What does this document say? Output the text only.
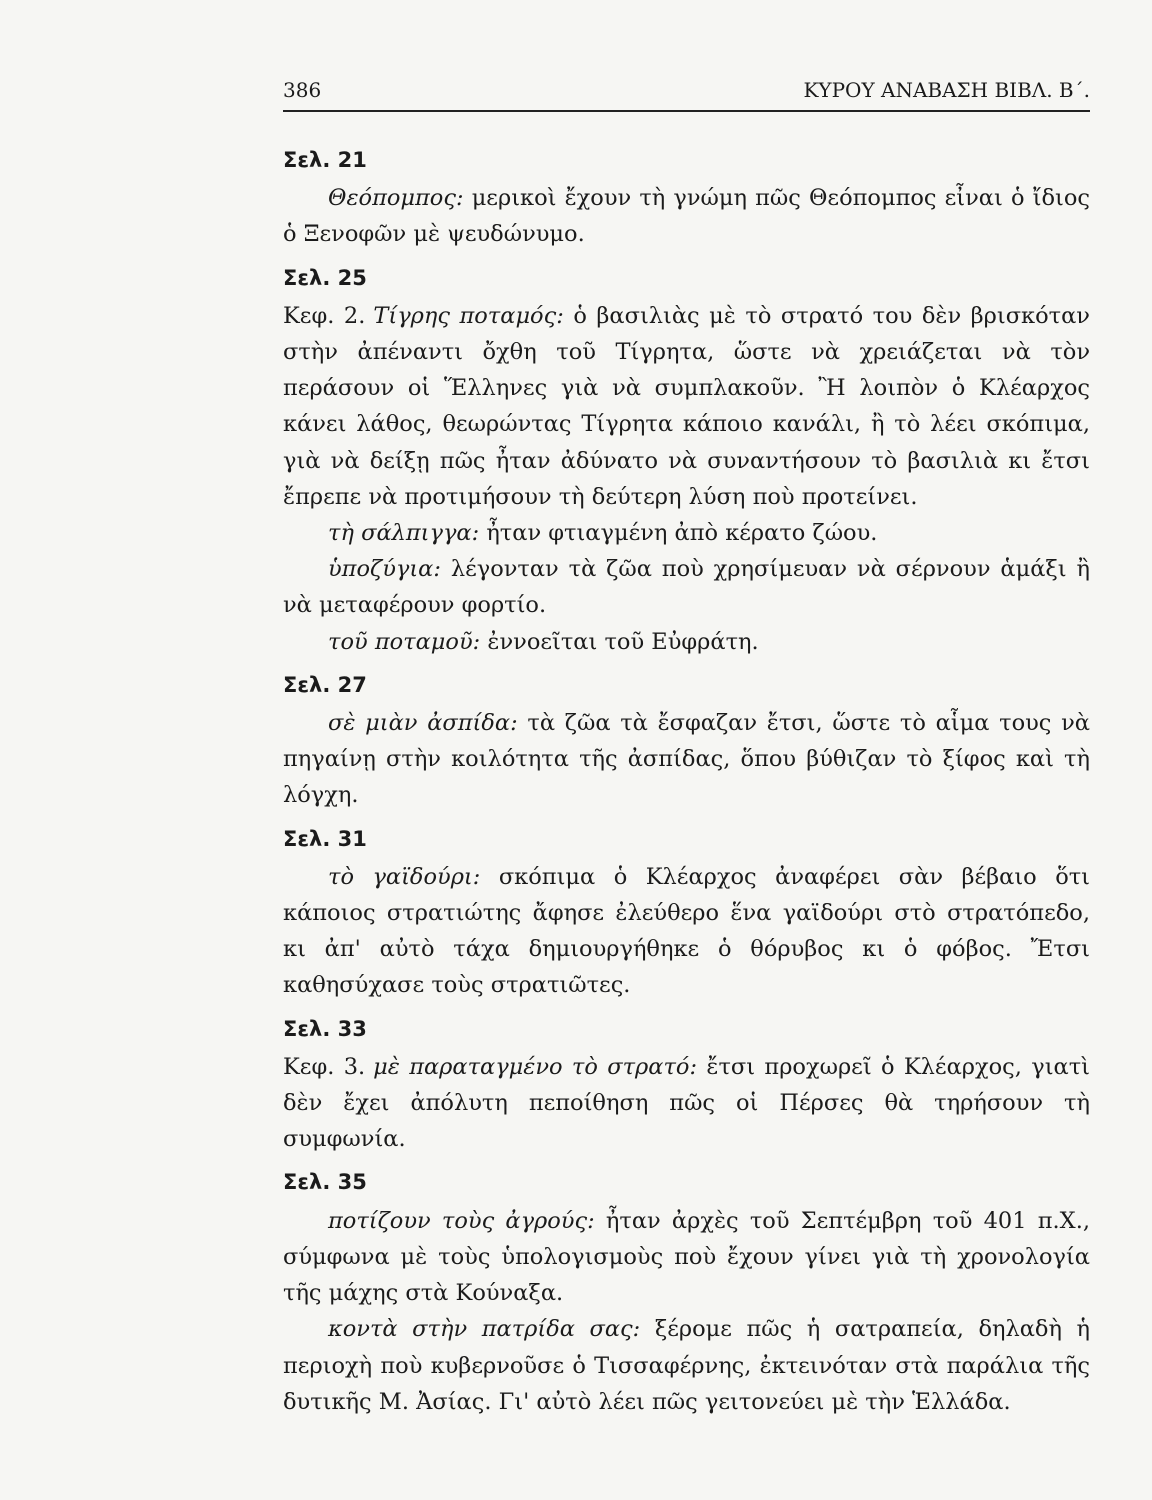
386	ΚΥΡΟΥ ΑΝΑΒΑΣΗ ΒΙΒΛ. Β΄.
Σελ. 21

Θεόπομπος: μερικοὶ ἔχουν τὴ γνώμη πῶς Θεόπομπος εἶναι ὁ ἴδιος ὁ Ξενοφῶν μὲ ψευδώνυμο.

Σελ. 25

Κεφ. 2. Τίγρης ποταμός: ὁ βασιλιὰς μὲ τὸ στρατό του δὲν βρισκόταν στὴν ἀπέναντι ὄχθη τοῦ Τίγρητα, ὥστε νὰ χρειάζεται νὰ τὸν περάσουν οἱ Ἕλληνες γιὰ νὰ συμπλακοῦν. Ἢ λοιπὸν ὁ Κλέαρχος κάνει λάθος, θεωρώντας Τίγρητα κάποιο κανάλι, ἢ τὸ λέει σκόπιμα, γιὰ νὰ δείξῃ πῶς ἦταν ἀδύνατο νὰ συναντήσουν τὸ βασιλιὰ κι ἔτσι ἔπρεπε νὰ προτιμήσουν τὴ δεύτερη λύση ποὺ προτείνει.

τὴ σάλπιγγα: ἦταν φτιαγμένη ἀπὸ κέρατο ζώου.

ὑποζύγια: λέγονταν τὰ ζῶα ποὺ χρησίμευαν νὰ σέρνουν ἁμάξι ἢ νὰ μεταφέρουν φορτίο.

τοῦ ποταμοῦ: ἐννοεῖται τοῦ Εὐφράτη.

Σελ. 27

σὲ μιὰν ἀσπίδα: τὰ ζῶα τὰ ἔσφαζαν ἔτσι, ὥστε τὸ αἷμα τους νὰ πηγαίνῃ στὴν κοιλότητα τῆς ἀσπίδας, ὅπου βύθιζαν τὸ ξίφος καὶ τὴ λόγχη.

Σελ. 31

τὸ γαϊδούρι: σκόπιμα ὁ Κλέαρχος ἀναφέρει σὰν βέβαιο ὅτι κάποιος στρατιώτης ἄφησε ἐλεύθερο ἕνα γαϊδούρι στὸ στρατόπεδο, κι ἀπ' αὐτὸ τάχα δημιουργήθηκε ὁ θόρυβος κι ὁ φόβος. Ἔτσι καθησύχασε τοὺς στρατιῶτες.

Σελ. 33

Κεφ. 3. μὲ παραταγμένο τὸ στρατό: ἔτσι προχωρεῖ ὁ Κλέαρχος, γιατὶ δὲν ἔχει ἀπόλυτη πεποίθηση πῶς οἱ Πέρσες θὰ τηρήσουν τὴ συμφωνία.

Σελ. 35

ποτίζουν τοὺς ἀγρούς: ἦταν ἀρχὲς τοῦ Σεπτέμβρη τοῦ 401 π.Χ., σύμφωνα μὲ τοὺς ὑπολογισμοὺς ποὺ ἔχουν γίνει γιὰ τὴ χρονολογία τῆς μάχης στὰ Κούναξα.

κοντὰ στὴν πατρίδα σας: ξέρομε πῶς ἡ σατραπεία, δηλαδὴ ἡ περιοχὴ ποὺ κυβερνοῦσε ὁ Τισσαφέρνης, ἐκτεινόταν στὰ παράλια τῆς δυτικῆς Μ. Ἀσίας. Γι' αὐτὸ λέει πῶς γειτονεύει μὲ τὴν Ἑλλάδα.
